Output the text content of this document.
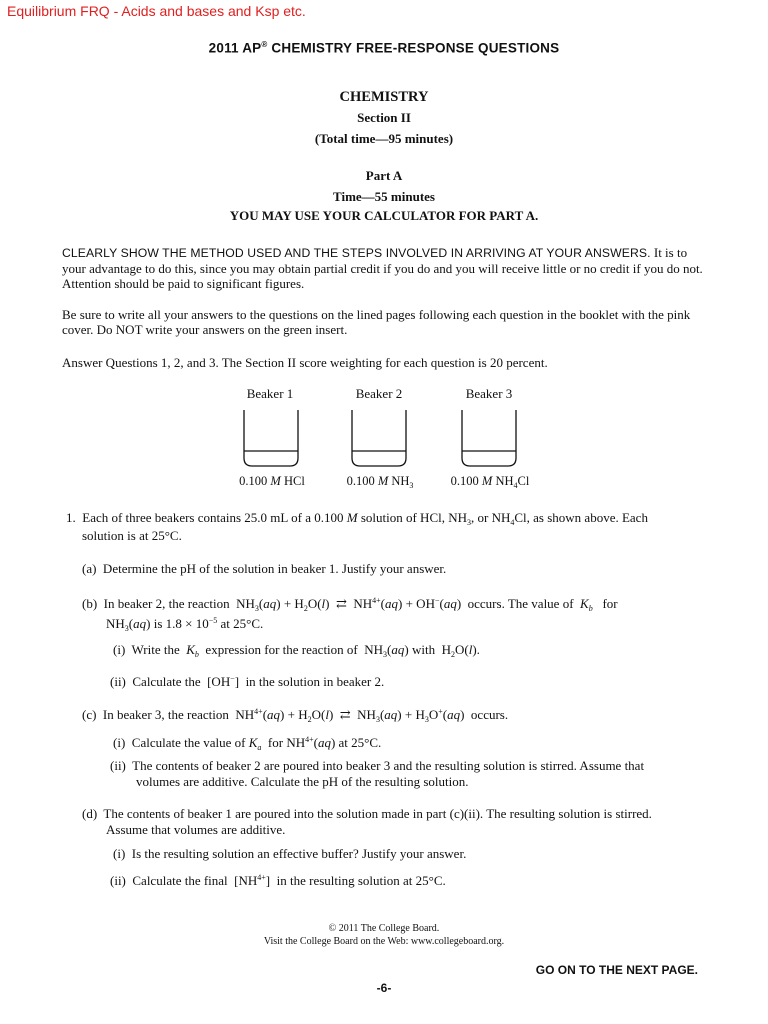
Equilibrium FRQ - Acids and bases and Ksp etc.
2011 AP® CHEMISTRY FREE-RESPONSE QUESTIONS
CHEMISTRY
Section II
(Total time—95 minutes)
Part A
Time—55 minutes
YOU MAY USE YOUR CALCULATOR FOR PART A.
CLEARLY SHOW THE METHOD USED AND THE STEPS INVOLVED IN ARRIVING AT YOUR ANSWERS. It is to your advantage to do this, since you may obtain partial credit if you do and you will receive little or no credit if you do not. Attention should be paid to significant figures.
Be sure to write all your answers to the questions on the lined pages following each question in the booklet with the pink cover. Do NOT write your answers on the green insert.
Answer Questions 1, 2, and 3. The Section II score weighting for each question is 20 percent.
Beaker 1	Beaker 2	Beaker 3
0.100 M HCl	0.100 M $NH_3$	0.100 M $NH_4Cl$
1.  Each of three beakers contains 25.0 mL of a 0.100 M solution of HCl, $NH_3$, or $NH_4Cl$, as shown above. Each
solution is at 25°C.
(a)  Determine the pH of the solution in beaker 1. Justify your answer.
(b)  In beaker 2, the reaction  $NH_3(aq) + H_2O(l)$  ⇄  $NH^{4+}(aq) + OH^-(aq)$  occurs. The value of  $K_b$   for
$NH_3(aq)$ is $1.8 \times 10^{-5}$ at 25°C.
(i)  Write the  $K_b$  expression for the reaction of  $NH_3(aq)$ with  $H_2O(l)$.
(ii)  Calculate the  [OH−]  in the solution in beaker 2.
(c)  In beaker 3, the reaction  $NH^{4+}(aq) + H_2O(l)$  ⇄  $NH_3(aq) + H_3O^+(aq)$  occurs.
(i)  Calculate the value of $K_a$  for $NH^{4+}(aq)$ at 25°C.
(ii)  The contents of beaker 2 are poured into beaker 3 and the resulting solution is stirred. Assume that
volumes are additive. Calculate the pH of the resulting solution.
(d)  The contents of beaker 1 are poured into the solution made in part (c)(ii). The resulting solution is stirred.
Assume that volumes are additive.
(i)  Is the resulting solution an effective buffer? Justify your answer.
(ii)  Calculate the final  $[NH^{4+}]$  in the resulting solution at 25°C.
© 2011 The College Board.
Visit the College Board on the Web: www.collegeboard.org.
GO ON TO THE NEXT PAGE.
-6-
